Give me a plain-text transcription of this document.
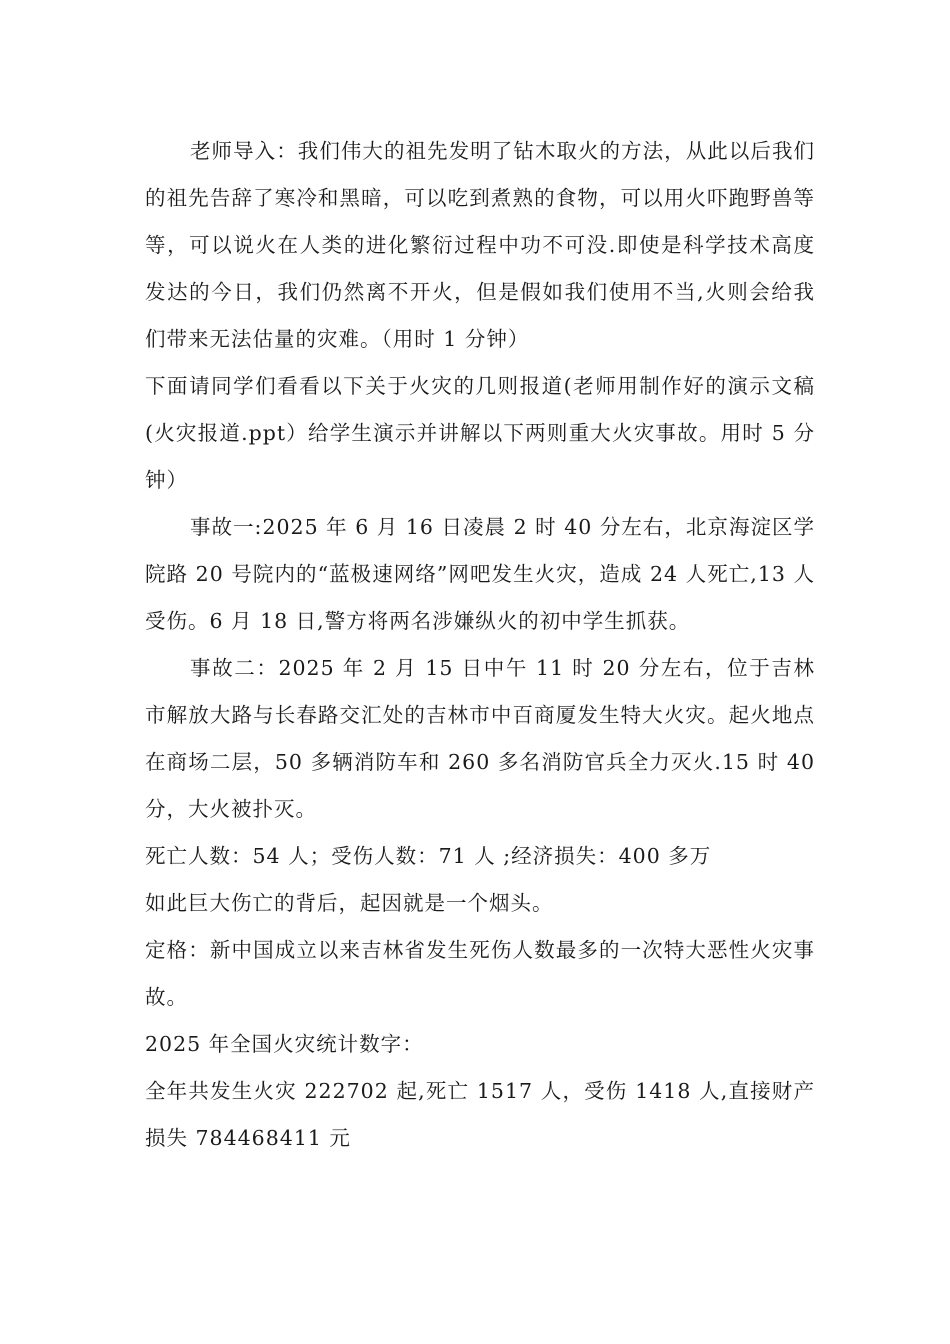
老师导入：我们伟大的祖先发明了钻木取火的方法，从此以后我们的祖先告辞了寒冷和黑暗，可以吃到煮熟的食物，可以用火吓跑野兽等等，可以说火在人类的进化繁衍过程中功不可没.即使是科学技术高度发达的今日，我们仍然离不开火，但是假如我们使用不当,火则会给我们带来无法估量的灾难。（用时 1 分钟）

下面请同学们看看以下关于火灾的几则报道(老师用制作好的演示文稿(火灾报道.ppt）给学生演示并讲解以下两则重大火灾事故。用时 5 分钟）

事故一:2025 年 6 月 16 日凌晨 2 时 40 分左右，北京海淀区学院路 20 号院内的“蓝极速网络”网吧发生火灾，造成 24 人死亡,13 人受伤。6 月 18 日,警方将两名涉嫌纵火的初中学生抓获。

事故二：2025 年 2 月 15 日中午 11 时 20 分左右，位于吉林市解放大路与长春路交汇处的吉林市中百商厦发生特大火灾。起火地点在商场二层，50 多辆消防车和 260 多名消防官兵全力灭火.15 时 40 分，大火被扑灭。

死亡人数：54 人；受伤人数：71 人 ;经济损失：400 多万

如此巨大伤亡的背后，起因就是一个烟头。

定格：新中国成立以来吉林省发生死伤人数最多的一次特大恶性火灾事故。

2025 年全国火灾统计数字：

全年共发生火灾 222702 起,死亡 1517 人，受伤 1418 人,直接财产损失 784468411 元
